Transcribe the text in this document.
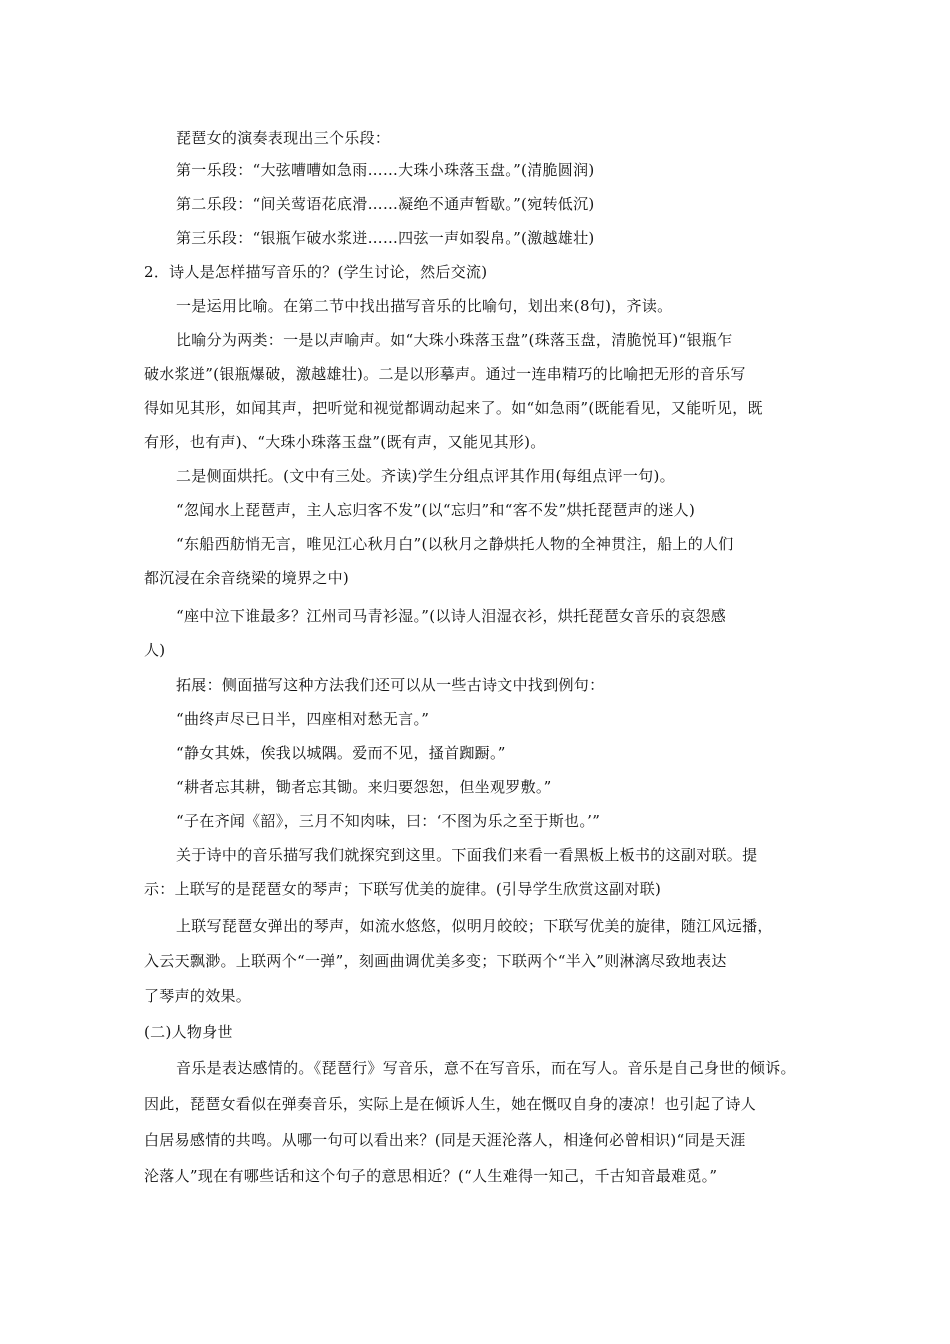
琵琶女的演奏表现出三个乐段：
第一乐段：“大弦嘈嘈如急雨……大珠小珠落玉盘。”(清脆圆润)
第二乐段：“间关莺语花底滑……凝绝不通声暂歇。”(宛转低沉)
第三乐段：“银瓶乍破水浆迸……四弦一声如裂帛。”(激越雄壮)
2．诗人是怎样描写音乐的？(学生讨论，然后交流)
一是运用比喻。在第二节中找出描写音乐的比喻句，划出来(8句)，齐读。
比喻分为两类：一是以声喻声。如“大珠小珠落玉盘”(珠落玉盘，清脆悦耳)“银瓶乍
破水浆迸”(银瓶爆破，激越雄壮)。二是以形摹声。通过一连串精巧的比喻把无形的音乐写
得如见其形，如闻其声，把听觉和视觉都调动起来了。如“如急雨”(既能看见，又能听见，既
有形，也有声)、“大珠小珠落玉盘”(既有声，又能见其形)。
二是侧面烘托。(文中有三处。齐读)学生分组点评其作用(每组点评一句)。
“忽闻水上琵琶声，主人忘归客不发”(以“忘归”和“客不发”烘托琵琶声的迷人)
“东船西舫悄无言，唯见江心秋月白”(以秋月之静烘托人物的全神贯注，船上的人们
都沉浸在余音绕梁的境界之中)
“座中泣下谁最多？江州司马青衫湿。”(以诗人泪湿衣衫，烘托琵琶女音乐的哀怨感
人)
拓展：侧面描写这种方法我们还可以从一些古诗文中找到例句：
“曲终声尽已日半，四座相对愁无言。”
“静女其姝，俟我以城隅。爱而不见，搔首踟蹰。”
“耕者忘其耕，锄者忘其锄。来归要怨恕，但坐观罗敷。”
“子在齐闻《韶》，三月不知肉味，曰：‘不图为乐之至于斯也。’”
关于诗中的音乐描写我们就探究到这里。下面我们来看一看黑板上板书的这副对联。提
示：上联写的是琵琶女的琴声；下联写优美的旋律。(引导学生欣赏这副对联)
上联写琵琶女弹出的琴声，如流水悠悠，似明月皎皎；下联写优美的旋律，随江风远播，
入云天飘渺。上联两个“一弹”，刻画曲调优美多变；下联两个“半入”则淋漓尽致地表达
了琴声的效果。
(二)人物身世
音乐是表达感情的。《琵琶行》写音乐，意不在写音乐，而在写人。音乐是自己身世的倾诉。
因此，琵琶女看似在弹奏音乐，实际上是在倾诉人生，她在慨叹自身的凄凉！也引起了诗人
白居易感情的共鸣。从哪一句可以看出来？(同是天涯沦落人，相逢何必曾相识)“同是天涯
沦落人”现在有哪些话和这个句子的意思相近？(“人生难得一知己，千古知音最难觅。”
